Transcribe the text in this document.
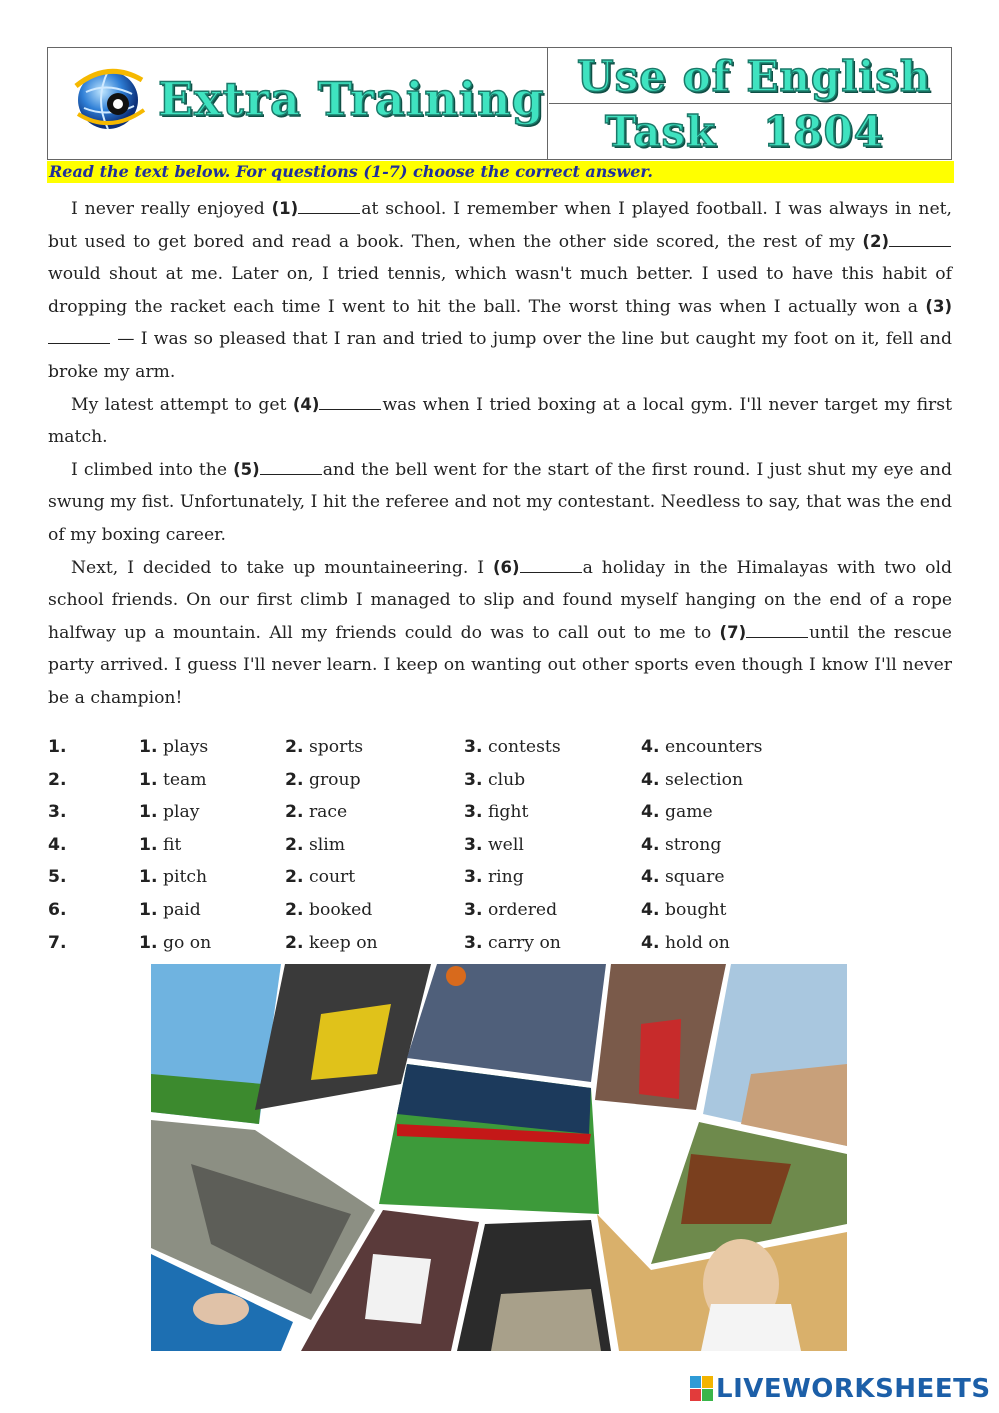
Extra Training Use of English
Task   1804
Read the text below. For questions (1-7) choose the correct answer.

I never really enjoyed (1)	at school. I remember when I played football. I was always in net, but used to get bored and read a book. Then, when the other side scored, the rest of my (2)would shout at me. Later on, I tried tennis, which wasn't much better. I used to have this habit of dropping the racket each time I went to hit the ball. The worst thing was when I actually won a (3) — I was so pleased that I ran and tried to jump over the line but caught my foot on it, fell and broke my arm.

My latest attempt to get (4)	was when I tried boxing at a local gym. I'll never target my first match.

I climbed into the (5)	and the bell went for the start of the first round. I just shut my eye and swung my fist. Unfortunately, I hit the referee and not my contestant. Needless to say, that was the end of my boxing career.

Next, I decided to take up mountaineering. I (6)	a holiday in the Himalayas with two old school friends. On our first climb I managed to slip and found myself hanging on the end of a rope halfway up a mountain. All my friends could do was to call out to me to (7)	until the rescue party arrived. I guess I'll never learn. I keep on wanting out other sports even though I know I'll never be a champion!

1.	1. plays	2. sports	3. contests	4. encounters
2.	1. team	2. group	3. club	4. selection
3.	1. play	2. race	3. fight	4. game
4.	1. fit	2. slim	3. well	4. strong
5.	1. pitch	2. court	3. ring	4. square
6.	1. paid	2. booked	3. ordered	4. bought
7.	1. go on	2. keep on	3. carry on	4. hold on
LIVEWORKSHEETS
